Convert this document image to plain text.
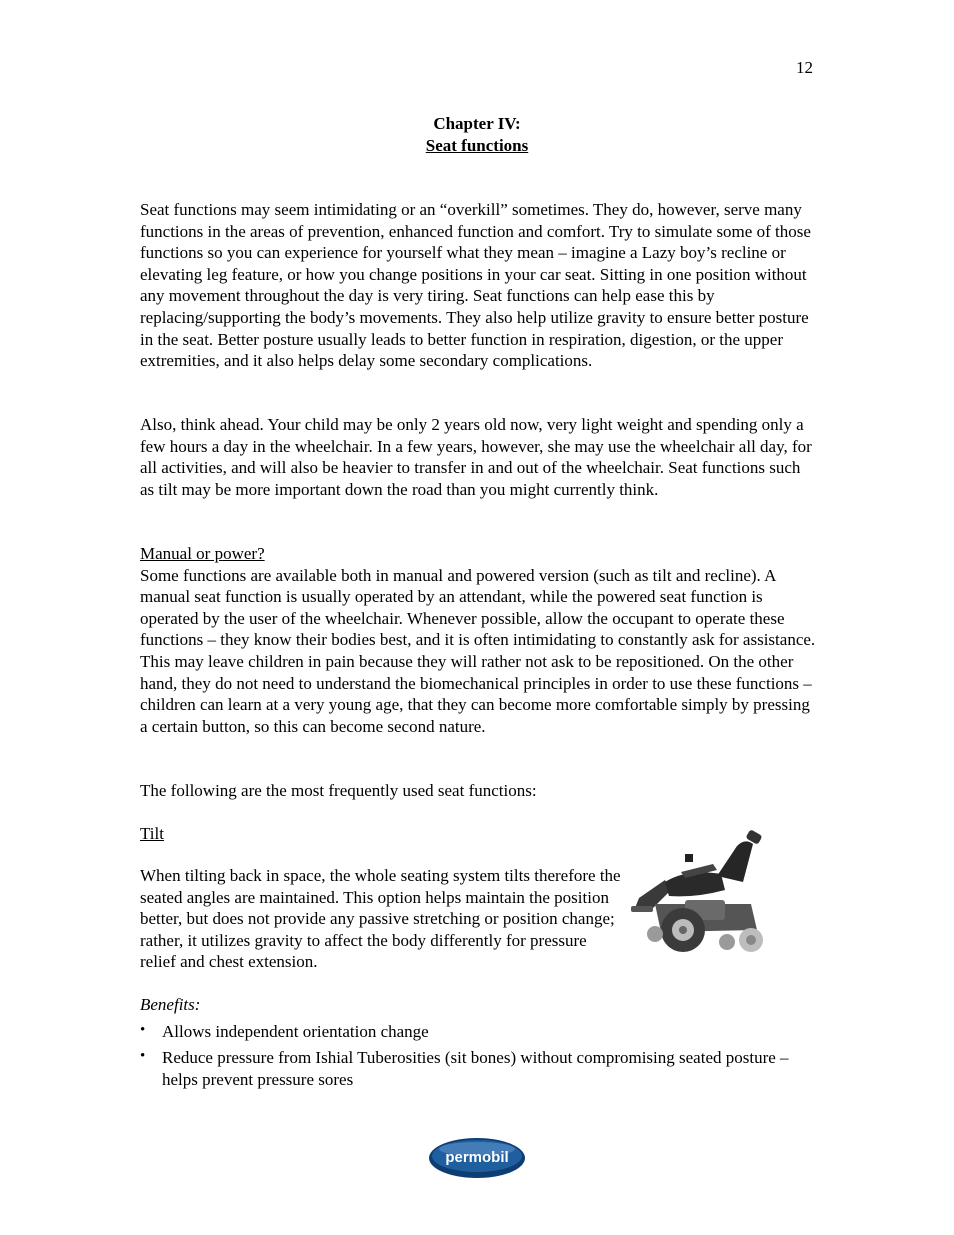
12
Chapter IV:
Seat functions

Seat functions may seem intimidating or an “overkill” sometimes. They do, however, serve many functions in the areas of prevention, enhanced function and comfort. Try to simulate some of those functions so you can experience for yourself what they mean – imagine a Lazy boy’s recline or elevating leg feature, or how you change positions in your car seat. Sitting in one position without any movement throughout the day is very tiring. Seat functions can help ease this by replacing/supporting the body’s movements. They also help utilize gravity to ensure better posture in the seat. Better posture usually leads to better function in respiration, digestion, or the upper extremities, and it also helps delay some secondary complications.

Also, think ahead. Your child may be only 2 years old now, very light weight and spending only a few hours a day in the wheelchair. In a few years, however, she may use the wheelchair all day, for all activities, and will also be heavier to transfer in and out of the wheelchair. Seat functions such as tilt may be more important down the road than you might currently think.

Manual or power?

Some functions are available both in manual and powered version (such as tilt and recline). A manual seat function is usually operated by an attendant, while the powered seat function is operated by the user of the wheelchair. Whenever possible, allow the occupant to operate these functions – they know their bodies best, and it is often intimidating to constantly ask for assistance. This may leave children in pain because they will rather not ask to be repositioned. On the other hand, they do not need to understand the biomechanical principles in order to use these functions – children can learn at a very young age, that they can become more comfortable simply by pressing a certain button, so this can become second nature.

The following are the most frequently used seat functions:

Tilt

When tilting back in space, the whole seating system tilts therefore the seated angles are maintained. This option helps maintain the position better, but does not provide any passive stretching or position change; rather, it utilizes gravity to affect the body differently for pressure relief and chest extension.

Benefits:
• Allows independent orientation change
• Reduce pressure from Ishial Tuberosities (sit bones) without compromising seated posture – helps prevent pressure sores
permobil
